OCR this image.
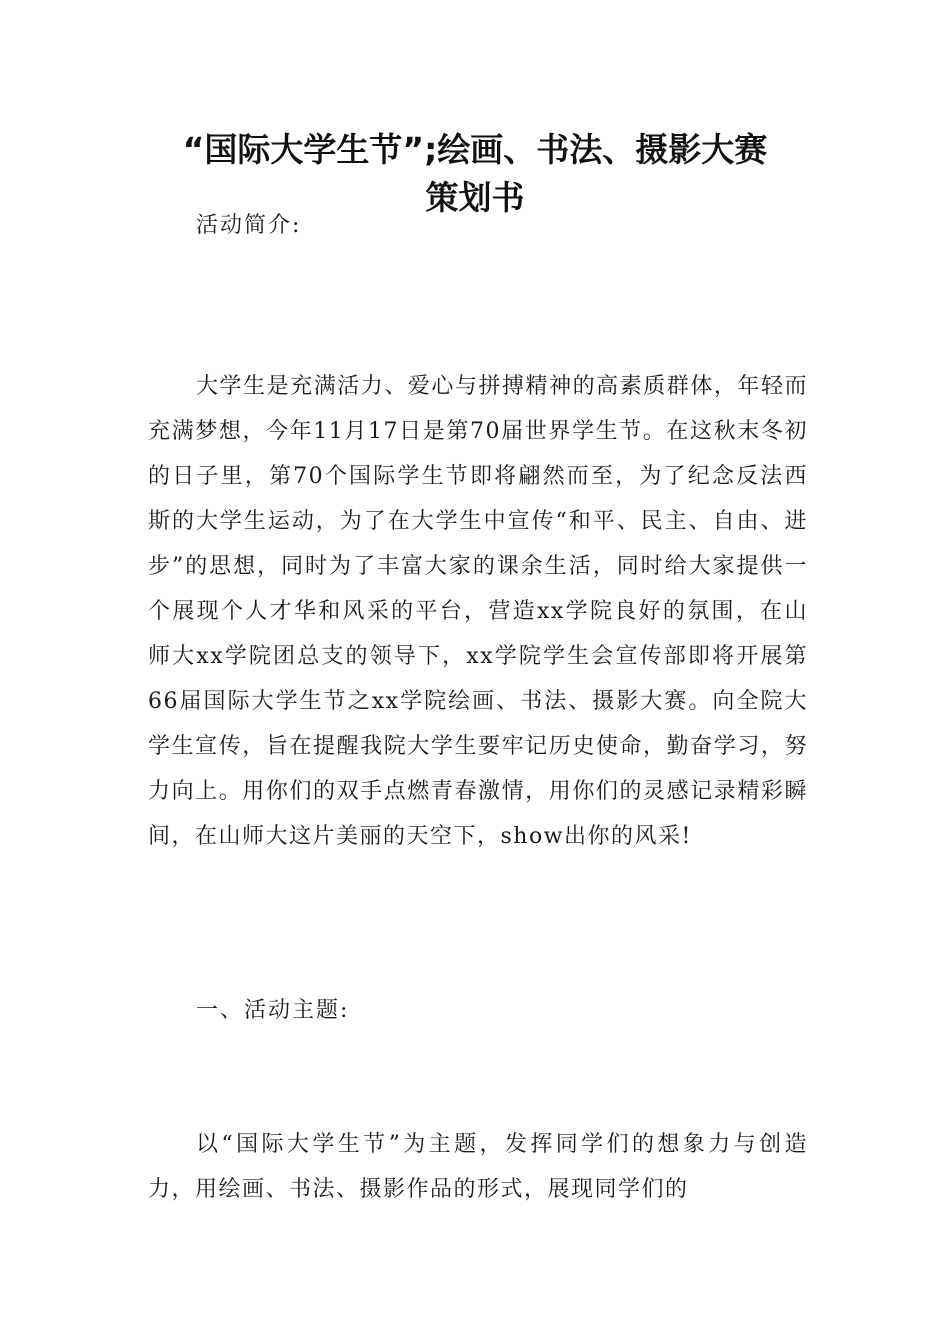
“国际大学生节”;绘画、书法、摄影大赛
策划书

活动简介:

大学生是充满活力、爱心与拼搏精神的高素质群体，年轻而充满梦想，今年11月17日是第70届世界学生节。在这秋末冬初的日子里，第70个国际学生节即将翩然而至，为了纪念反法西斯的大学生运动，为了在大学生中宣传“和平、民主、自由、进步”的思想，同时为了丰富大家的课余生活，同时给大家提供一个展现个人才华和风采的平台，营造xx学院良好的氛围，在山师大xx学院团总支的领导下，xx学院学生会宣传部即将开展第66届国际大学生节之xx学院绘画、书法、摄影大赛。向全院大学生宣传，旨在提醒我院大学生要牢记历史使命，勤奋学习，努力向上。用你们的双手点燃青春激情，用你们的灵感记录精彩瞬间，在山师大这片美丽的天空下，show出你的风采!

一、活动主题:

以“国际大学生节”为主题，发挥同学们的想象力与创造力，用绘画、书法、摄影作品的形式，展现同学们的
